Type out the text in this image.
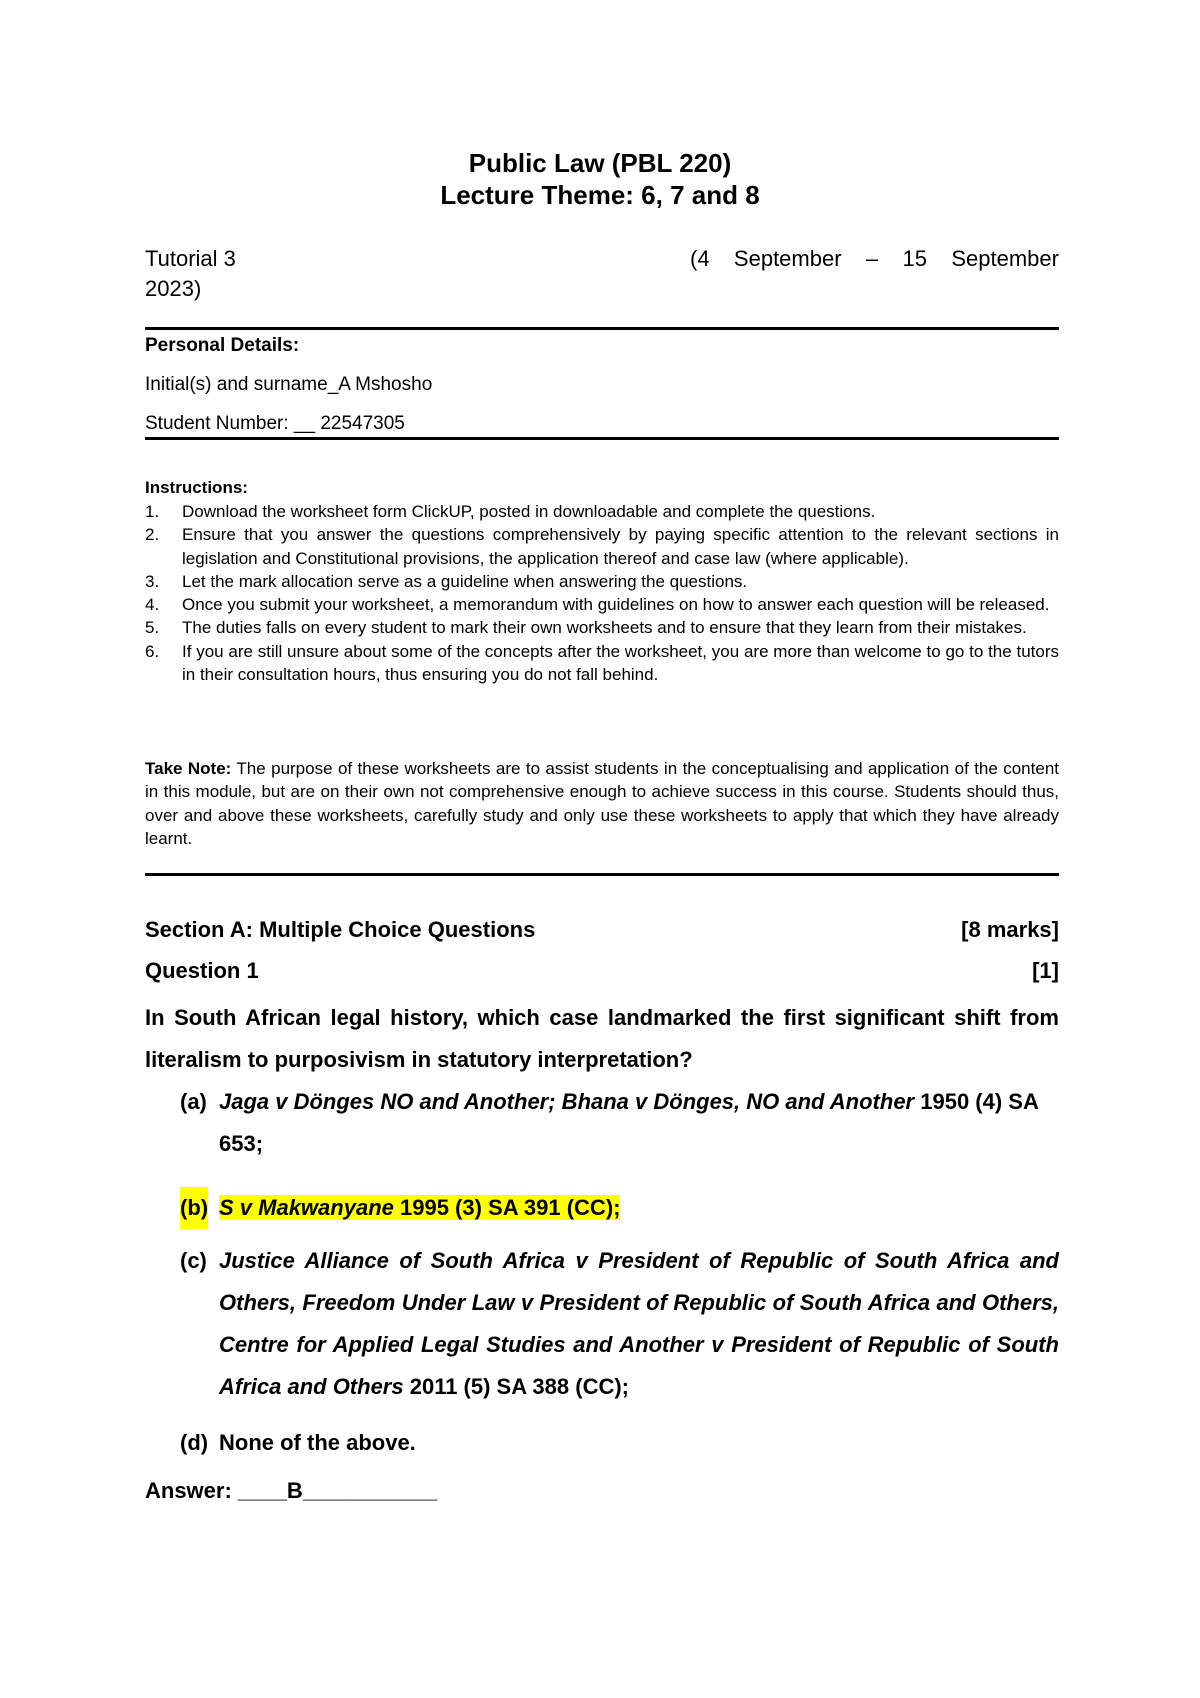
Public Law (PBL 220)
Lecture Theme: 6, 7 and 8
Tutorial 3	(4 September – 15 September
2023)
Personal Details:
Initial(s) and surname_A Mshosho
Student Number: __ 22547305
Instructions:
1. Download the worksheet form ClickUP, posted in downloadable and complete the questions.
2. Ensure that you answer the questions comprehensively by paying specific attention to the relevant sections in legislation and Constitutional provisions, the application thereof and case law (where applicable).
3. Let the mark allocation serve as a guideline when answering the questions.
4. Once you submit your worksheet, a memorandum with guidelines on how to answer each question will be released.
5. The duties falls on every student to mark their own worksheets and to ensure that they learn from their mistakes.
6. If you are still unsure about some of the concepts after the worksheet, you are more than welcome to go to the tutors in their consultation hours, thus ensuring you do not fall behind.
Take Note: The purpose of these worksheets are to assist students in the conceptualising and application of the content in this module, but are on their own not comprehensive enough to achieve success in this course. Students should thus, over and above these worksheets, carefully study and only use these worksheets to apply that which they have already learnt.
Section A: Multiple Choice Questions	[8 marks]
Question 1	[1]
In South African legal history, which case landmarked the first significant shift from literalism to purposivism in statutory interpretation?
(a) Jaga v Dönges NO and Another; Bhana v Dönges, NO and Another 1950 (4) SA 653;
(b) S v Makwanyane 1995 (3) SA 391 (CC);
(c) Justice Alliance of South Africa v President of Republic of South Africa and Others, Freedom Under Law v President of Republic of South Africa and Others, Centre for Applied Legal Studies and Another v President of Republic of South Africa and Others 2011 (5) SA 388 (CC);
(d) None of the above.
Answer: ____B___________
